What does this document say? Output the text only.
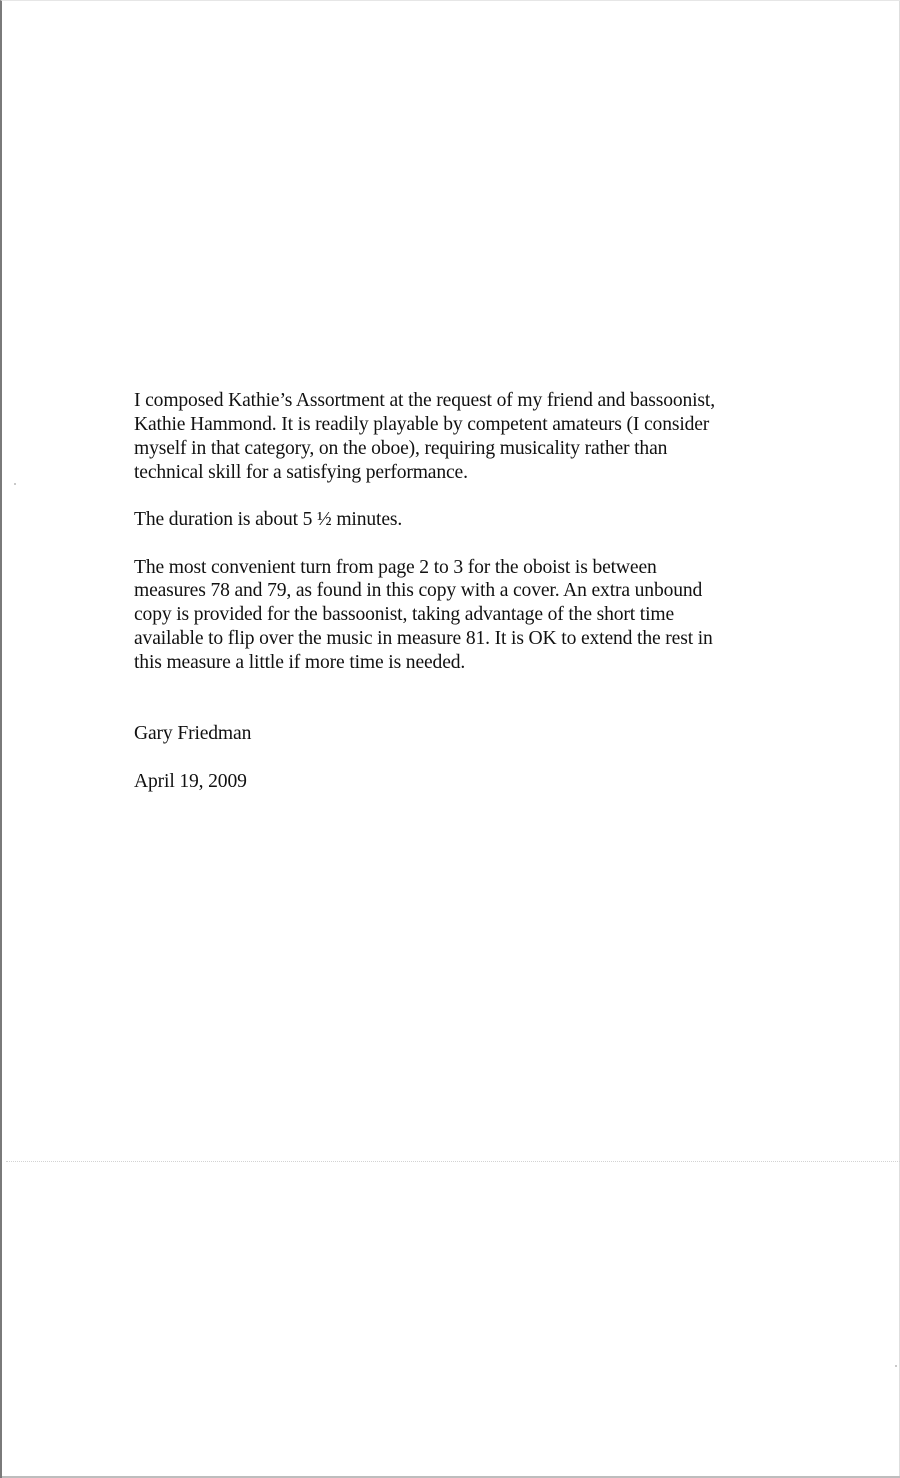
I composed Kathie’s Assortment at the request of my friend and bassoonist,
Kathie Hammond. It is readily playable by competent amateurs (I consider
myself in that category, on the oboe), requiring musicality rather than
technical skill for a satisfying performance.

The duration is about 5 ½ minutes.

The most convenient turn from page 2 to 3 for the oboist is between
measures 78 and 79, as found in this copy with a cover. An extra unbound
copy is provided for the bassoonist, taking advantage of the short time
available to flip over the music in measure 81. It is OK to extend the rest in
this measure a little if more time is needed.

Gary Friedman

April 19, 2009
